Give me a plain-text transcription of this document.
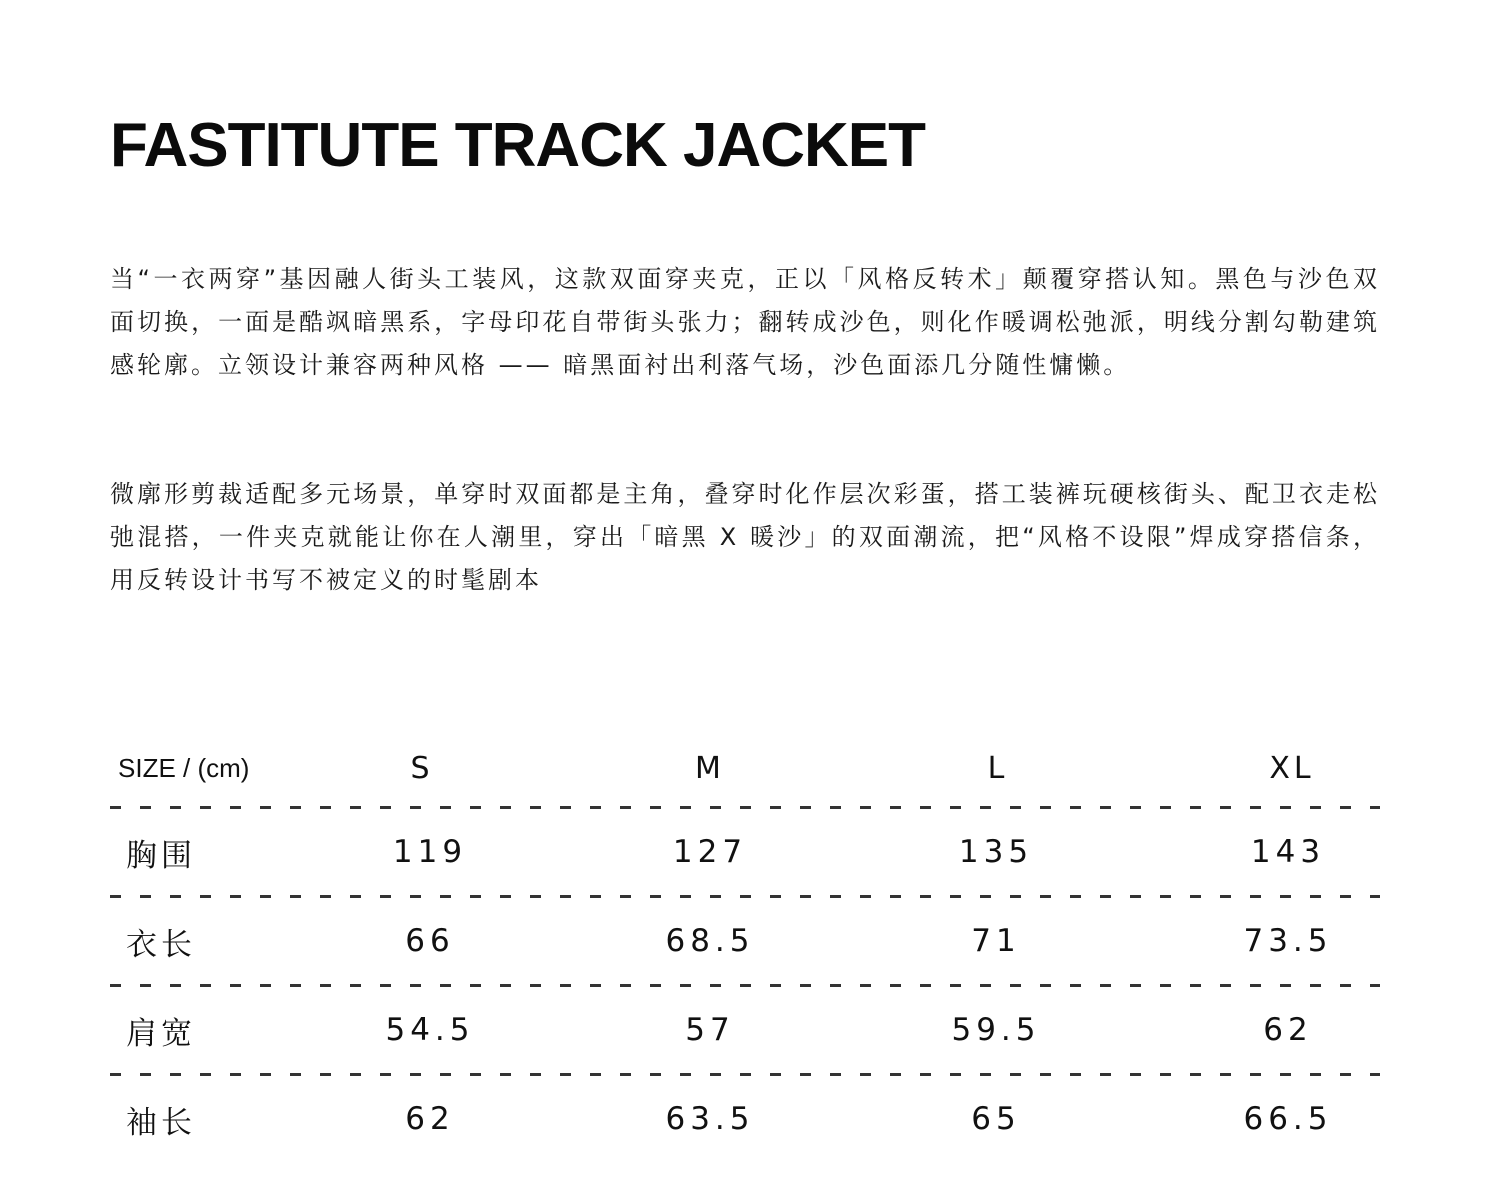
FASTITUTE TRACK JACKET

当“一衣两穿”基因融人街头工装风，这款双面穿夹克，正以「风格反转术」颠覆穿搭认知。黑色与沙色双面切换，一面是酷飒暗黑系，字母印花自带街头张力；翻转成沙色，则化作暖调松弛派，明线分割勾勒建筑感轮廓。立领设计兼容两种风格 —— 暗黑面衬出利落气场，沙色面添几分随性慵懒。

微廓形剪裁适配多元场景，单穿时双面都是主角，叠穿时化作层次彩蛋，搭工装裤玩硬核街头、配卫衣走松弛混搭，一件夹克就能让你在人潮里，穿出「暗黑 X 暖沙」的双面潮流，把“风格不设限”焊成穿搭信条，用反转设计书写不被定义的时髦剧本

SIZE / (cm)	S	M	L	XL
胸围	119	127	135	143
衣长	66	68.5	71	73.5
肩宽	54.5	57	59.5	62
袖长	62	63.5	65	66.5
